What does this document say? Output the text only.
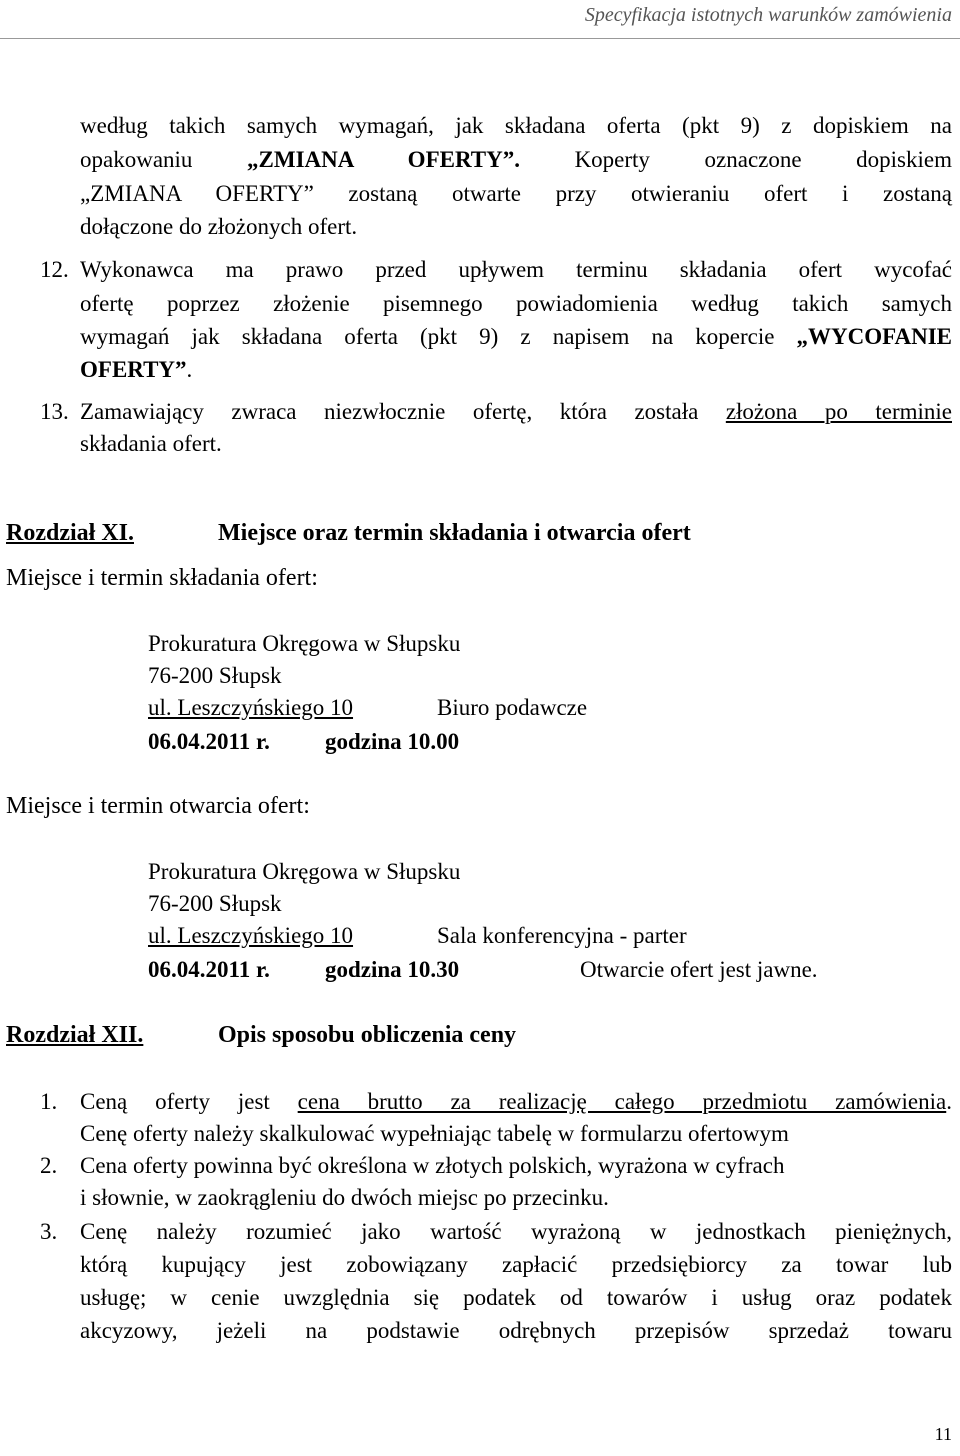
Specyfikacja istotnych warunków zamówienia
według takich samych wymagań, jak składana oferta (pkt 9) z dopiskiem na
opakowaniu „ZMIANA OFERTY”. Koperty oznaczone dopiskiem
„ZMIANA OFERTY” zostaną otwarte przy otwieraniu ofert i zostaną
dołączone do złożonych ofert.
12. Wykonawca ma prawo przed upływem terminu składania ofert wycofać
ofertę poprzez złożenie pisemnego powiadomienia według takich samych
wymagań jak składana oferta (pkt 9) z napisem na kopercie „WYCOFANIE
OFERTY”.
13. Zamawiający zwraca niezwłocznie ofertę, która została złożona po terminie
składania ofert.
Rozdział XI.	Miejsce oraz termin składania i otwarcia ofert
Miejsce i termin składania ofert:
Prokuratura Okręgowa w Słupsku
76-200 Słupsk
ul. Leszczyńskiego 10	Biuro podawcze
06.04.2011 r. godzina 10.00
Miejsce i termin otwarcia ofert:
Prokuratura Okręgowa w Słupsku
76-200 Słupsk
ul. Leszczyńskiego 10	Sala konferencyjna - parter
06.04.2011 r. godzina 10.30	Otwarcie ofert jest jawne.
Rozdział XII.	Opis sposobu obliczenia ceny
1. Ceną oferty jest cena brutto za realizację całego przedmiotu zamówienia.
Cenę oferty należy skalkulować wypełniając tabelę w formularzu ofertowym
2. Cena oferty powinna być określona w złotych polskich, wyrażona w cyfrach
i słownie, w zaokrągleniu do dwóch miejsc po przecinku.
3. Cenę należy rozumieć jako wartość wyrażoną w jednostkach pieniężnych,
którą kupujący jest zobowiązany zapłacić przedsiębiorcy za towar lub
usługę; w cenie uwzględnia się podatek od towarów i usług oraz podatek
akcyzowy, jeżeli na podstawie odrębnych przepisów sprzedaż towaru
11
